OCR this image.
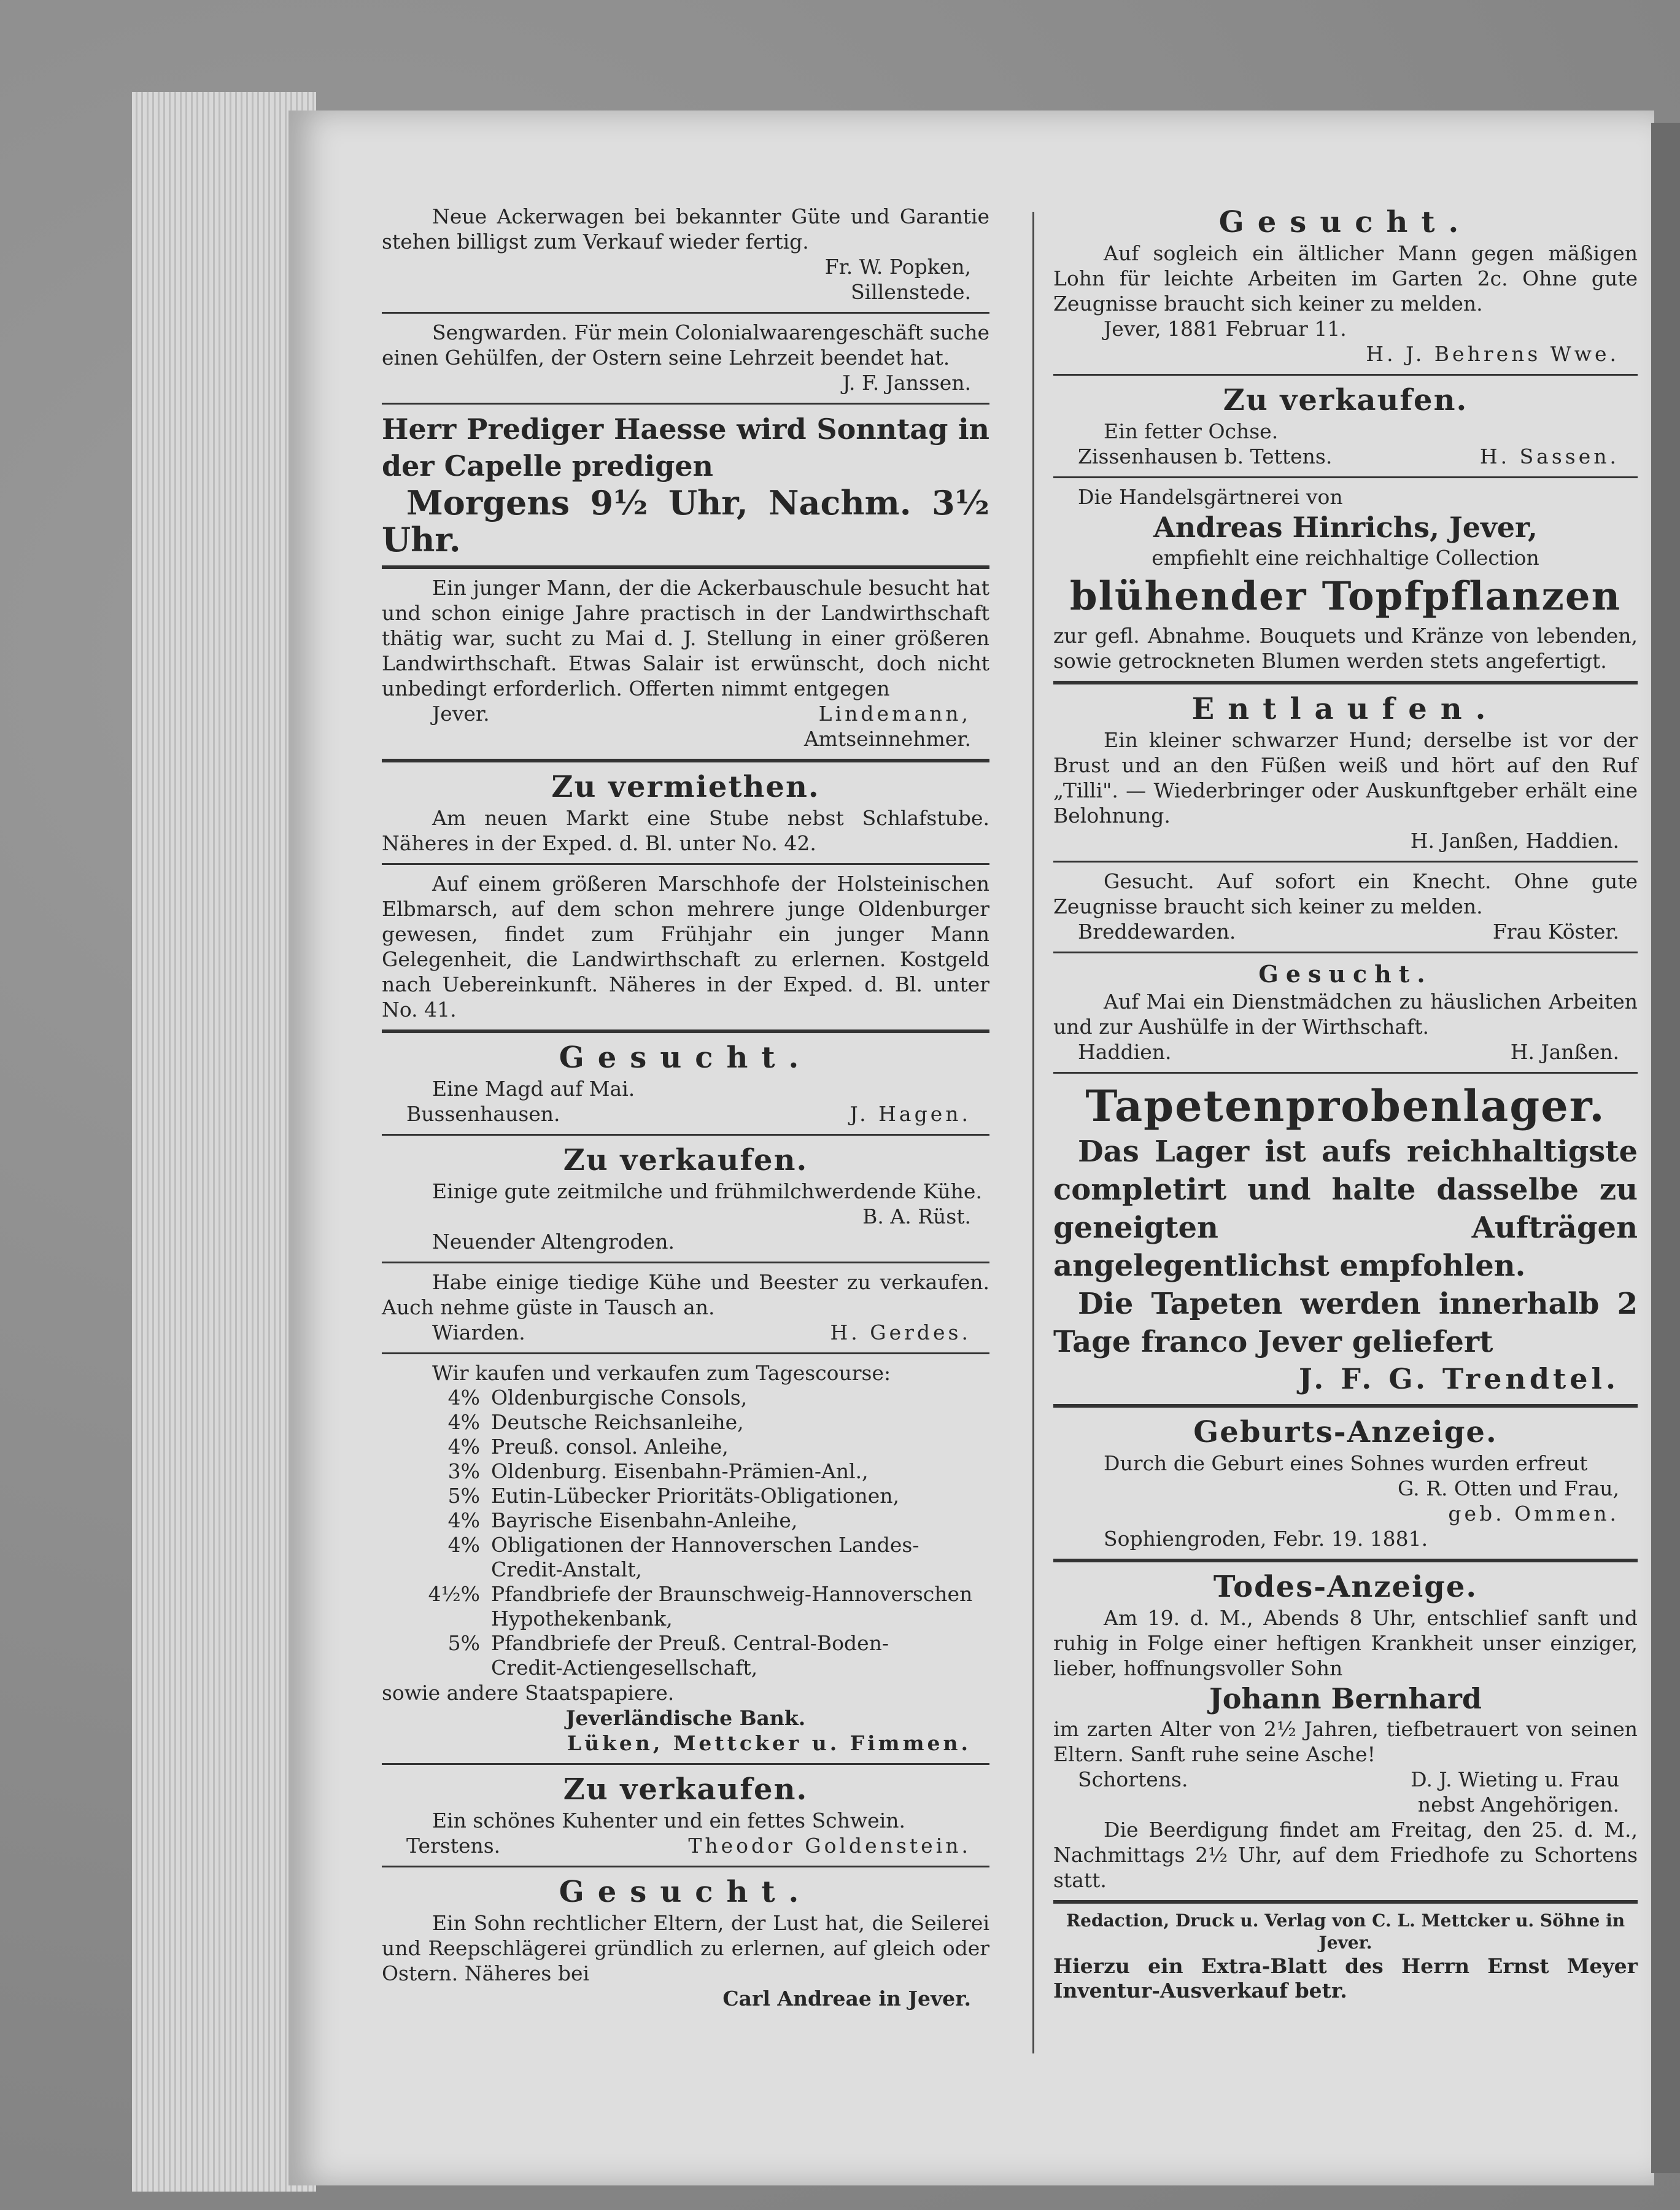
Neue Ackerwagen bei bekannter Güte und Garantie stehen billigst zum Verkauf wieder fertig.

Fr. W. Popken,
Sillenstede.

Sengwarden. Für mein Colonialwaarengeschäft suche einen Gehülfen, der Ostern seine Lehrzeit beendet hat.

J. F. Janssen.

Herr Prediger Haesse wird Sonntag in der Capelle predigen

Morgens 9½ Uhr, Nachm. 3½ Uhr.

Ein junger Mann, der die Ackerbauschule besucht hat und schon einige Jahre practisch in der Landwirthschaft thätig war, sucht zu Mai d. J. Stellung in einer größeren Landwirthschaft. Etwas Salair ist erwünscht, doch nicht unbedingt erforderlich. Offerten nimmt entgegen

Jever.	Lindemann,
Amtseinnehmer.
Zu vermiethen.

Am neuen Markt eine Stube nebst Schlafstube. Näheres in der Exped. d. Bl. unter No. 42.

Auf einem größeren Marschhofe der Holsteinischen Elbmarsch, auf dem schon mehrere junge Oldenburger gewesen, findet zum Frühjahr ein junger Mann Gelegenheit, die Landwirthschaft zu erlernen. Kostgeld nach Uebereinkunft. Näheres in der Exped. d. Bl. unter No. 41.

Gesucht.
Eine Magd auf Mai.
Bussenhausen.	J. Hagen.
Zu verkaufen.

Einige gute zeitmilche und frühmilchwerdende Kühe.

B. A. Rüst.
Neuender Altengroden.

Habe einige tiedige Kühe und Beester zu verkaufen. Auch nehme güste in Tausch an.

Wiarden.	H. Gerdes.
Wir kaufen und verkaufen zum Tagescourse:
4% Oldenburgische Consols,
4% Deutsche Reichsanleihe,
4% Preuß. consol. Anleihe,
3% Oldenburg. Eisenbahn-Prämien-Anl.,
5% Eutin-Lübecker Prioritäts-Obligationen,
4% Bayrische Eisenbahn-Anleihe,
4% Obligationen der Hannoverschen Landes-
Credit-Anstalt,
4½% Pfandbriefe der Braunschweig-Hannoverschen Hypothekenbank,
5% Pfandbriefe der Preuß. Central-Boden-
Credit-Actiengesellschaft,
sowie andere Staatspapiere.
Jeverländische Bank.
Lüken, Mettcker u. Fimmen.
Zu verkaufen.
Ein schönes Kuhenter und ein fettes Schwein.
Terstens.	Theodor Goldenstein.
Gesucht.

Ein Sohn rechtlicher Eltern, der Lust hat, die Seilerei und Reepschlägerei gründlich zu erlernen, auf gleich oder Ostern. Näheres bei

Carl Andreae in Jever.
Gesucht.

Auf sogleich ein ältlicher Mann gegen mäßigen Lohn für leichte Arbeiten im Garten 2c. Ohne gute Zeugnisse braucht sich keiner zu melden.

Jever, 1881 Februar 11.
H. J. Behrens Wwe.
Zu verkaufen.
Ein fetter Ochse.
Zissenhausen b. Tettens.	H. Sassen.
Die Handelsgärtnerei von
Andreas Hinrichs, Jever,
empfiehlt eine reichhaltige Collection
blühender Topfpflanzen

zur gefl. Abnahme. Bouquets und Kränze von lebenden, sowie getrockneten Blumen werden stets angefertigt.

Entlaufen.

Ein kleiner schwarzer Hund; derselbe ist vor der Brust und an den Füßen weiß und hört auf den Ruf „Tilli". — Wiederbringer oder Auskunftgeber erhält eine Belohnung.

H. Janßen, Haddien.

Gesucht. Auf sofort ein Knecht. Ohne gute Zeugnisse braucht sich keiner zu melden.

Breddewarden.	Frau Köster.
Gesucht.

Auf Mai ein Dienstmädchen zu häuslichen Arbeiten und zur Aushülfe in der Wirthschaft.

Haddien.	H. Janßen.
Tapetenprobenlager.

Das Lager ist aufs reichhaltigste completirt und halte dasselbe zu geneigten Aufträgen angelegentlichst empfohlen.

Die Tapeten werden innerhalb 2 Tage franco Jever geliefert

J. F. G. Trendtel.
Geburts-Anzeige.

Durch die Geburt eines Sohnes wurden erfreut

G. R. Otten und Frau,
geb. Ommen.
Sophiengroden, Febr. 19. 1881.
Todes-Anzeige.

Am 19. d. M., Abends 8 Uhr, entschlief sanft und ruhig in Folge einer heftigen Krankheit unser einziger, lieber, hoffnungsvoller Sohn

Johann Bernhard

im zarten Alter von 2½ Jahren, tiefbetrauert von seinen Eltern. Sanft ruhe seine Asche!

Schortens.	D. J. Wieting u. Frau
nebst Angehörigen.

Die Beerdigung findet am Freitag, den 25. d. M., Nachmittags 2½ Uhr, auf dem Friedhofe zu Schortens statt.

Redaction, Druck u. Verlag von C. L. Mettcker u. Söhne in Jever.

Hierzu ein Extra-Blatt des Herrn Ernst Meyer Inventur-Ausverkauf betr.
